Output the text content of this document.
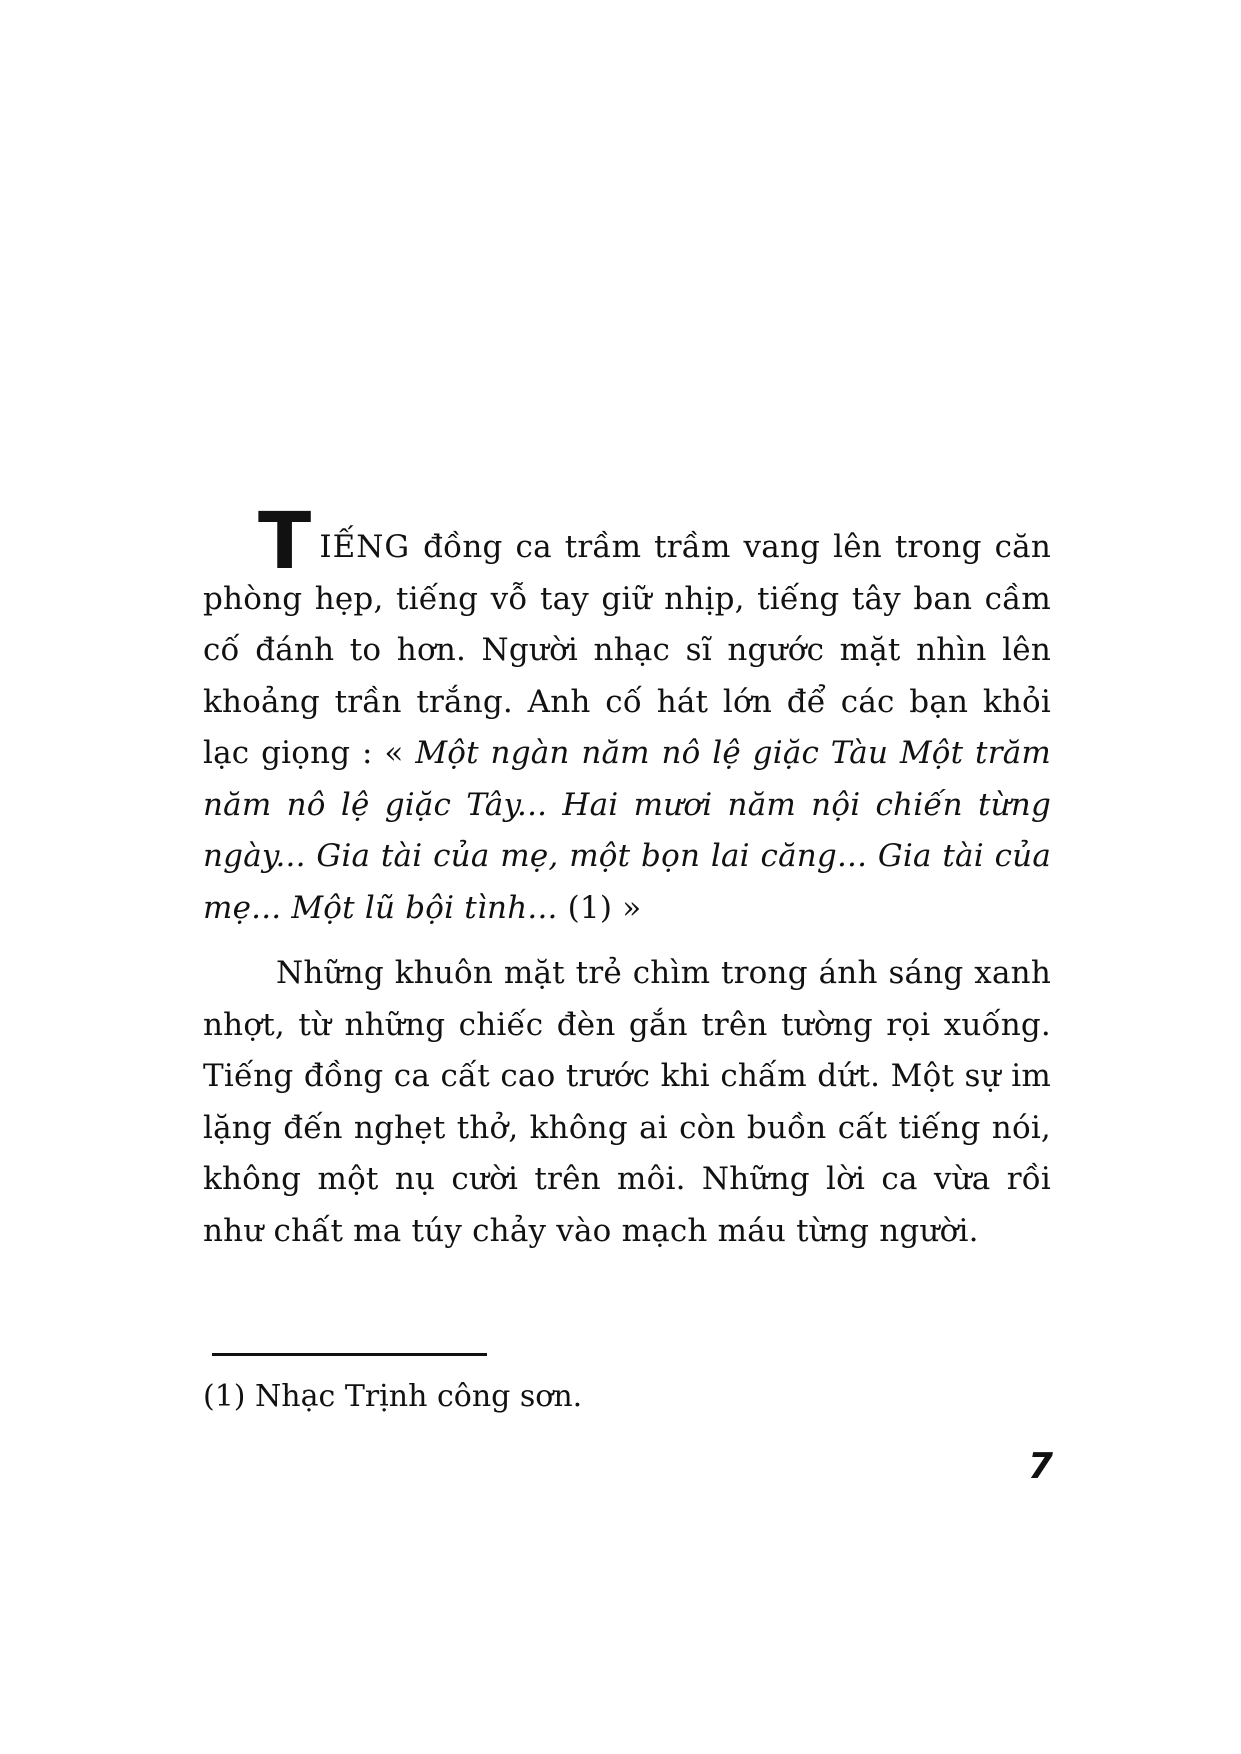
TIẾNG đồng ca trầm trầm vang lên trong căn phòng hẹp, tiếng vỗ tay giữ nhịp, tiếng tây ban cầm cố đánh to hơn. Người nhạc sĩ ngước mặt nhìn lên khoảng trần trắng. Anh cố hát lớn để các bạn khỏi lạc giọng : « Một ngàn năm nô lệ giặc Tàu Một trăm năm nô lệ giặc Tây... Hai mươi năm nội chiến từng ngày... Gia tài của mẹ, một bọn lai căng... Gia tài của mẹ... Một lũ bội tình... (1) »

Những khuôn mặt trẻ chìm trong ánh sáng xanh nhợt, từ những chiếc đèn gắn trên tường rọi xuống. Tiếng đồng ca cất cao trước khi chấm dứt. Một sự im lặng đến nghẹt thở, không ai còn buồn cất tiếng nói, không một nụ cười trên môi. Những lời ca vừa rồi như chất ma túy chảy vào mạch máu từng người.

(1) Nhạc Trịnh công sơn.
7
